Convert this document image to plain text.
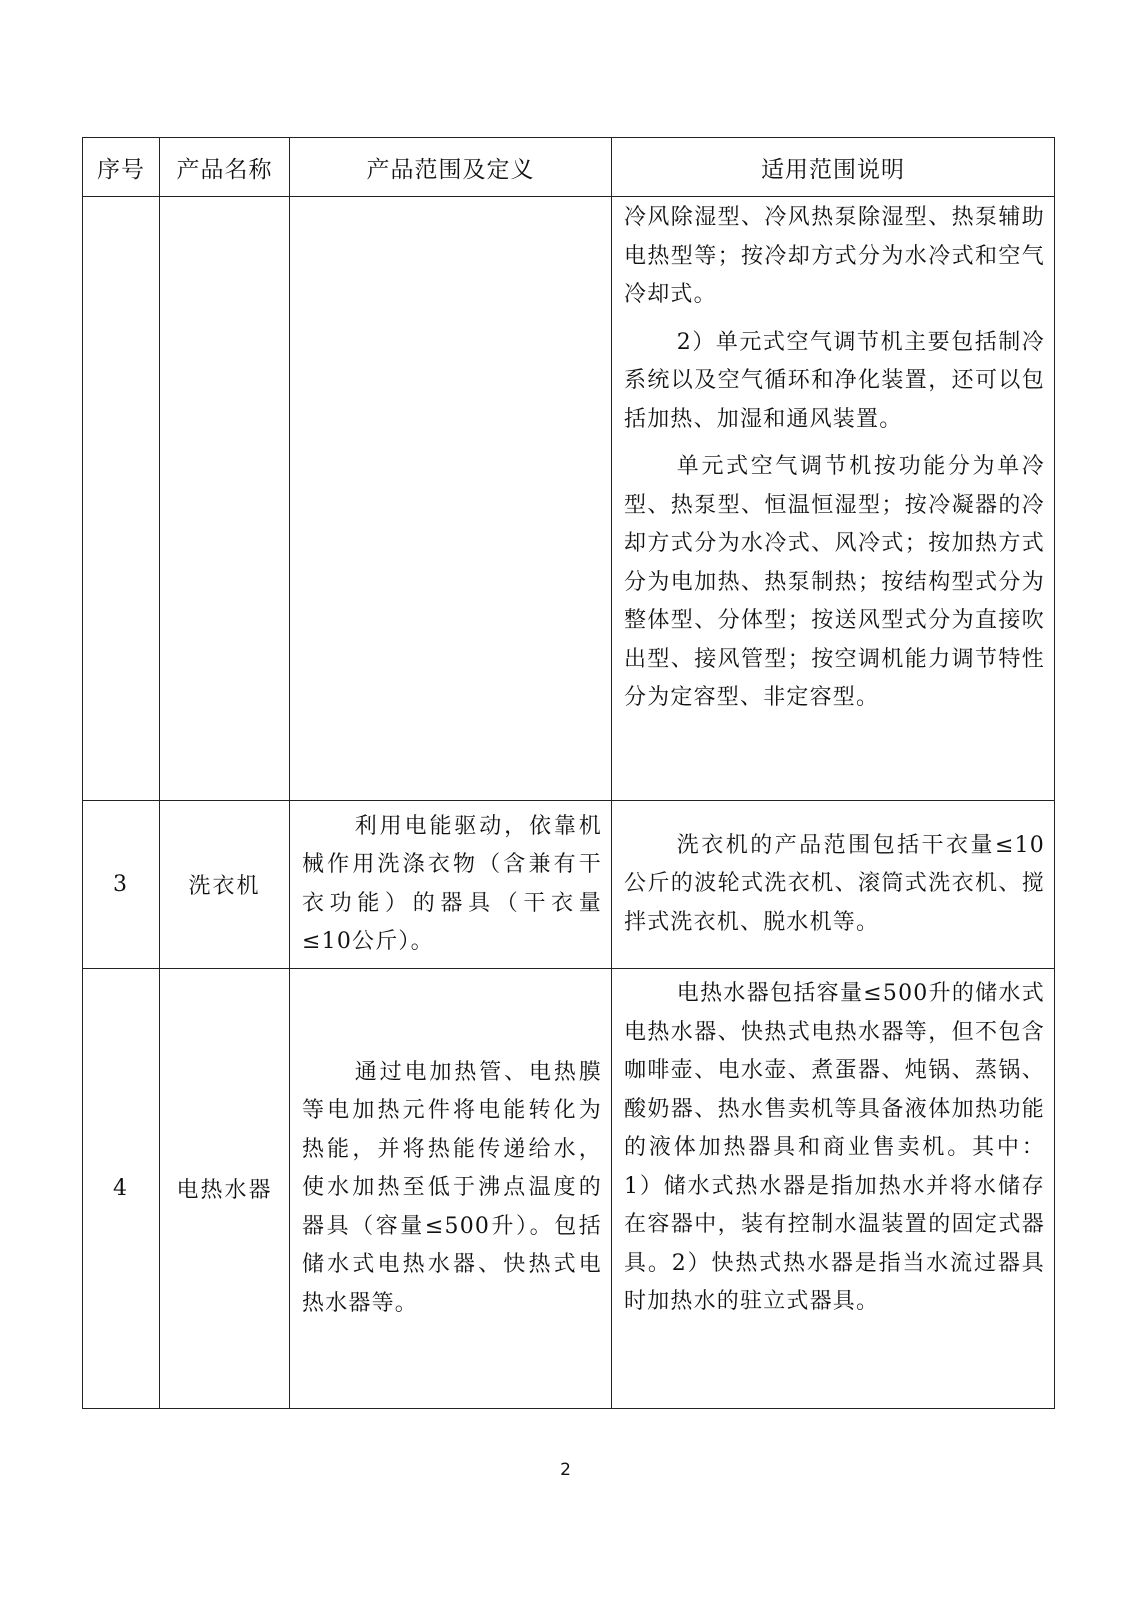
序号	产品名称	产品范围及定义	适用范围说明

			冷风除湿型、冷风热泵除湿型、热泵辅助电热型等；按冷却方式分为水冷式和空气冷却式。

2）单元式空气调节机主要包括制冷系统以及空气循环和净化装置，还可以包括加热、加湿和通风装置。

单元式空气调节机按功能分为单冷型、热泵型、恒温恒湿型；按冷凝器的冷却方式分为水冷式、风冷式；按加热方式分为电加热、热泵制热；按结构型式分为整体型、分体型；按送风型式分为直接吹出型、接风管型；按空调机能力调节特性分为定容型、非定容型。

3	洗衣机	利用电能驱动，依靠机械作用洗涤衣物（含兼有干衣功能）的器具（干衣量≤10公斤）。	洗衣机的产品范围包括干衣量≤10公斤的波轮式洗衣机、滚筒式洗衣机、搅拌式洗衣机、脱水机等。

4	电热水器	通过电加热管、电热膜等电加热元件将电能转化为热能，并将热能传递给水，使水加热至低于沸点温度的器具（容量≤500升）。包括储水式电热水器、快热式电热水器等。	电热水器包括容量≤500升的储水式电热水器、快热式电热水器等，但不包含咖啡壶、电水壶、煮蛋器、炖锅、蒸锅、酸奶器、热水售卖机等具备液体加热功能的液体加热器具和商业售卖机。其中：1）储水式热水器是指加热水并将水储存在容器中，装有控制水温装置的固定式器具。2）快热式热水器是指当水流过器具时加热水的驻立式器具。

2
